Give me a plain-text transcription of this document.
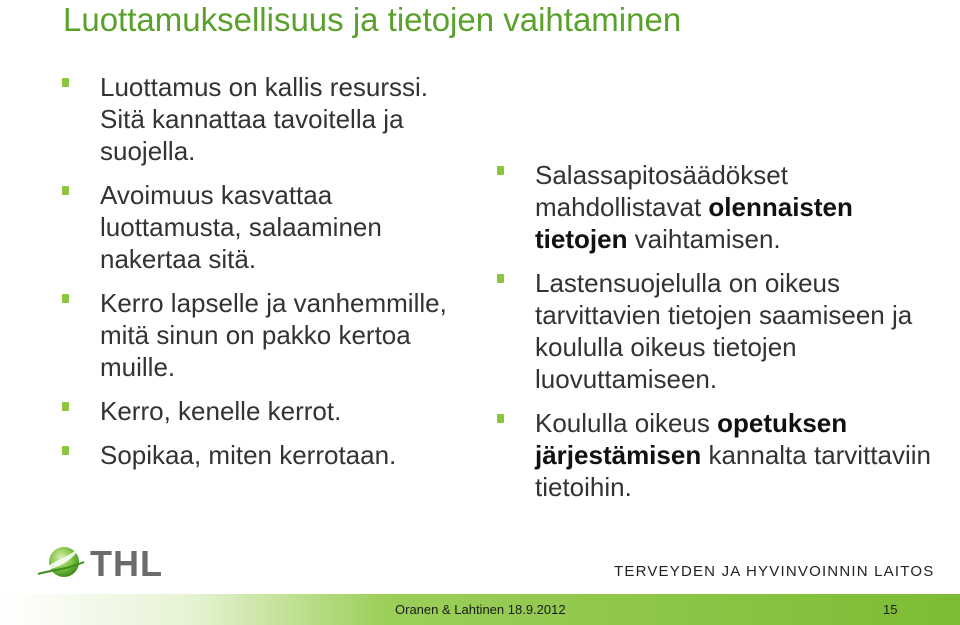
Luottamuksellisuus ja tietojen vaihtaminen
Luottamus on kallis resurssi. Sitä kannattaa tavoitella ja suojella.
Avoimuus kasvattaa luottamusta, salaaminen nakertaa sitä.
Kerro lapselle ja vanhemmille, mitä sinun on pakko kertoa muille.
Kerro, kenelle kerrot.
Sopikaa, miten kerrotaan.
Salassapitosäädökset mahdollistavat olennaisten tietojen vaihtamisen.
Lastensuojelulla on oikeus tarvittavien tietojen saamiseen ja koululla oikeus tietojen luovuttamiseen.
Koululla oikeus opetuksen järjestämisen kannalta tarvittaviin tietoihin.
THL	TERVEYDEN JA HYVINVOINNIN LAITOS
Oranen & Lahtinen 18.9.2012	15
